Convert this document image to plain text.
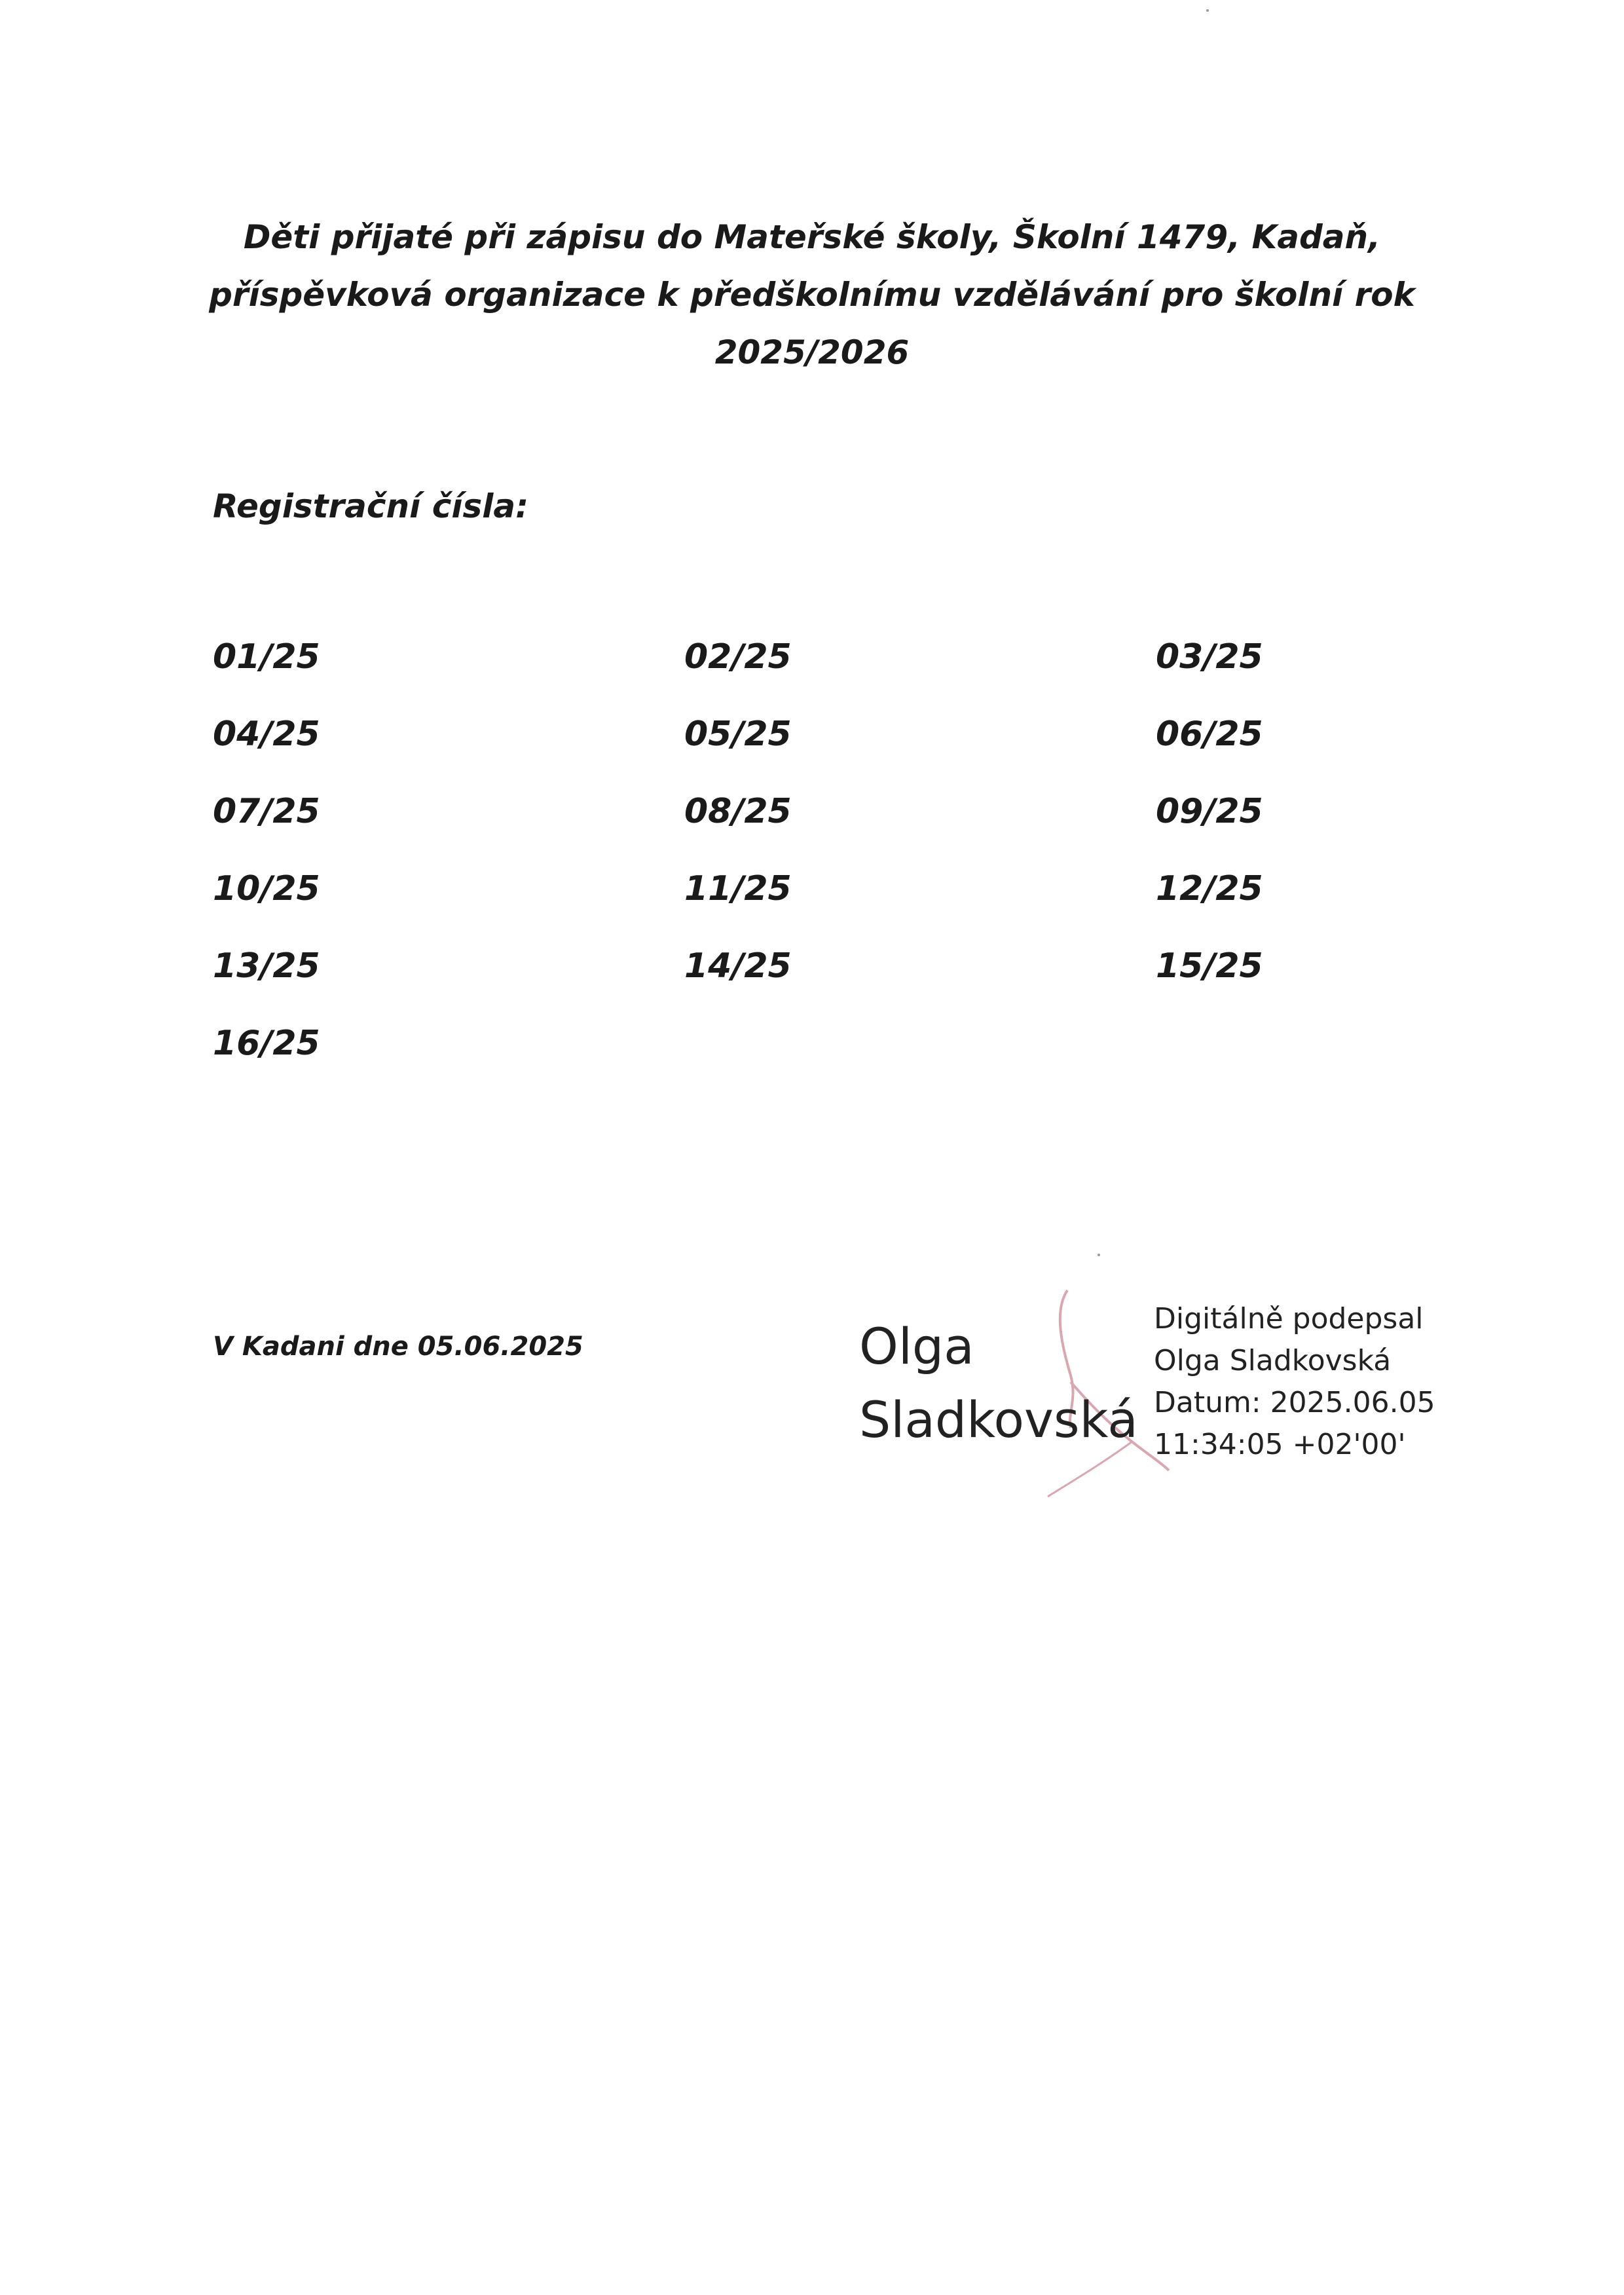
Děti přijaté při zápisu do Mateřské školy, Školní 1479, Kadaň,
příspěvková organizace k předškolnímu vzdělávání pro školní rok
2025/2026
Registrační čísla:
01/25	02/25	03/25
04/25	05/25	06/25
07/25	08/25	09/25
10/25	11/25	12/25
13/25	14/25	15/25
16/25
V Kadani dne 05.06.2025	Olga
Sladkovská
Digitálně podepsal
Olga Sladkovská
Datum: 2025.06.05
11:34:05 +02'00'
